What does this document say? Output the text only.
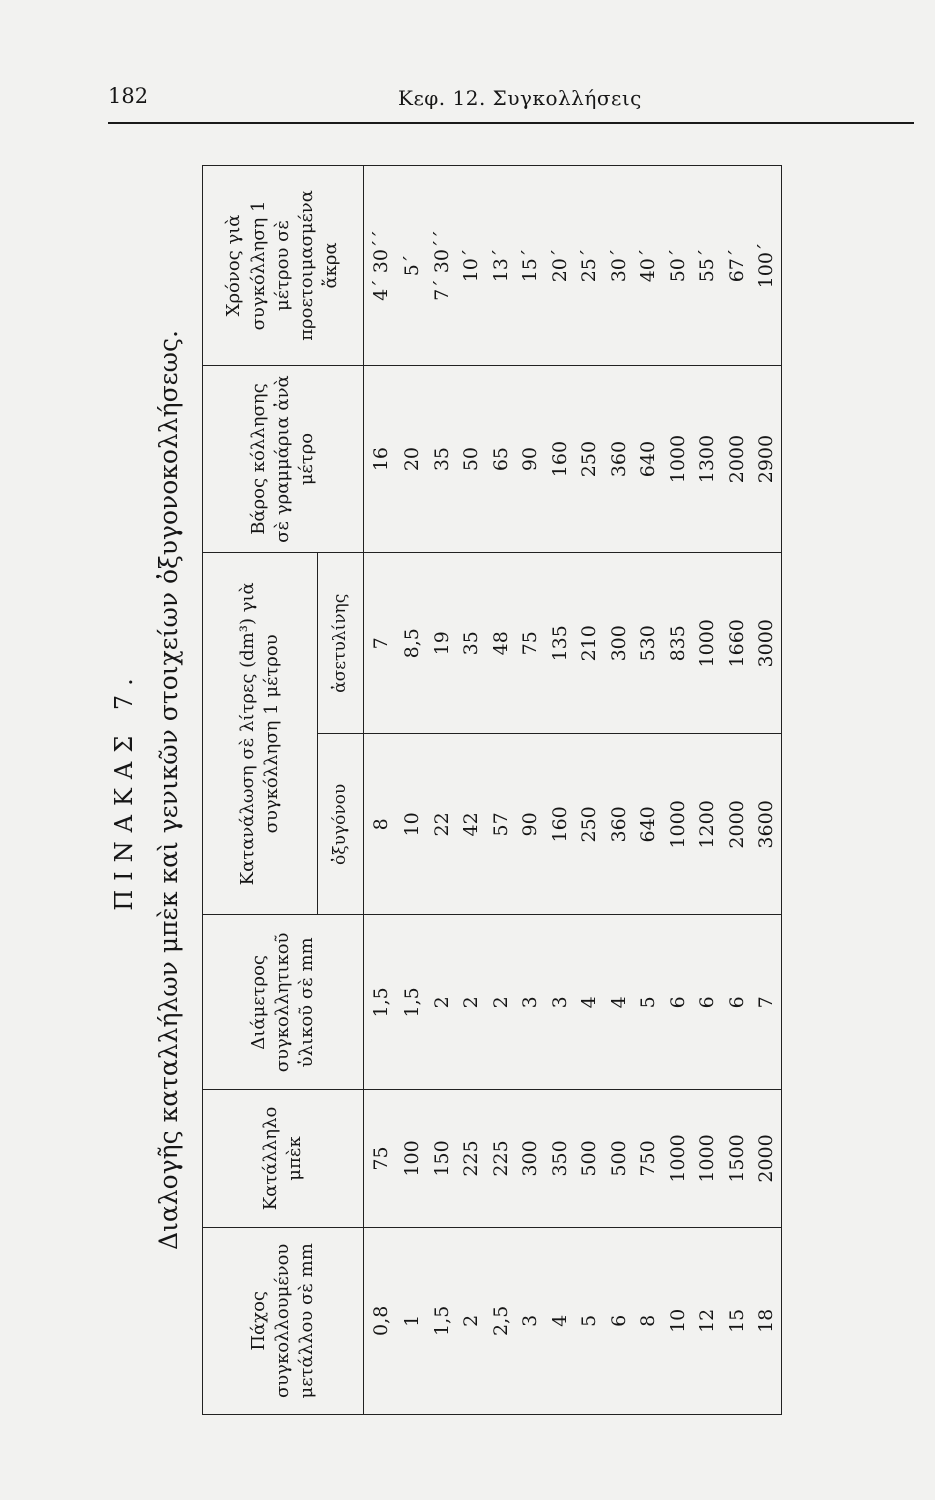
182	Κεφ. 12. Συγκολλήσεις
ΠΙΝΑΚΑΣ 7. Διαλογῆς καταλλήλων μπὲκ καὶ γενικῶν στοιχείων ὀξυγονοκολλήσεως.
Πάχος συγκολλουμένου μετάλλου σὲ mm	Κατάλληλο μπὲκ	Διάμετρος συγκολλητικοῦ ὑλικοῦ σὲ mm	Κατανάλωση σὲ λίτρες (dm³) γιὰ συγκόλληση 1 μέτρου		Βάρος κόλλησης σὲ γραμμάρια ἀνὰ μέτρο	Χρόνος γιὰ συγκόλληση 1 μέτρου σὲ προετοιμασμένα ἄκρα
			ὀξυγόνου	ἀσετυλίνης		
0,8	75	1,5	8	7	16	4΄ 30΄΄
1	100	1,5	10	8,5	20	5΄
1,5	150	2	22	19	35	7΄ 30΄΄
2	225	2	42	35	50	10΄
2,5	225	2	57	48	65	13΄
3	300	3	90	75	90	15΄
4	350	3	160	135	160	20΄
5	500	4	250	210	250	25΄
6	500	4	360	300	360	30΄
8	750	5	640	530	640	40΄
10	1000	6	1000	835	1000	50΄
12	1000	6	1200	1000	1300	55΄
15	1500	6	2000	1660	2000	67΄
18	2000	7	3600	3000	2900	100΄
